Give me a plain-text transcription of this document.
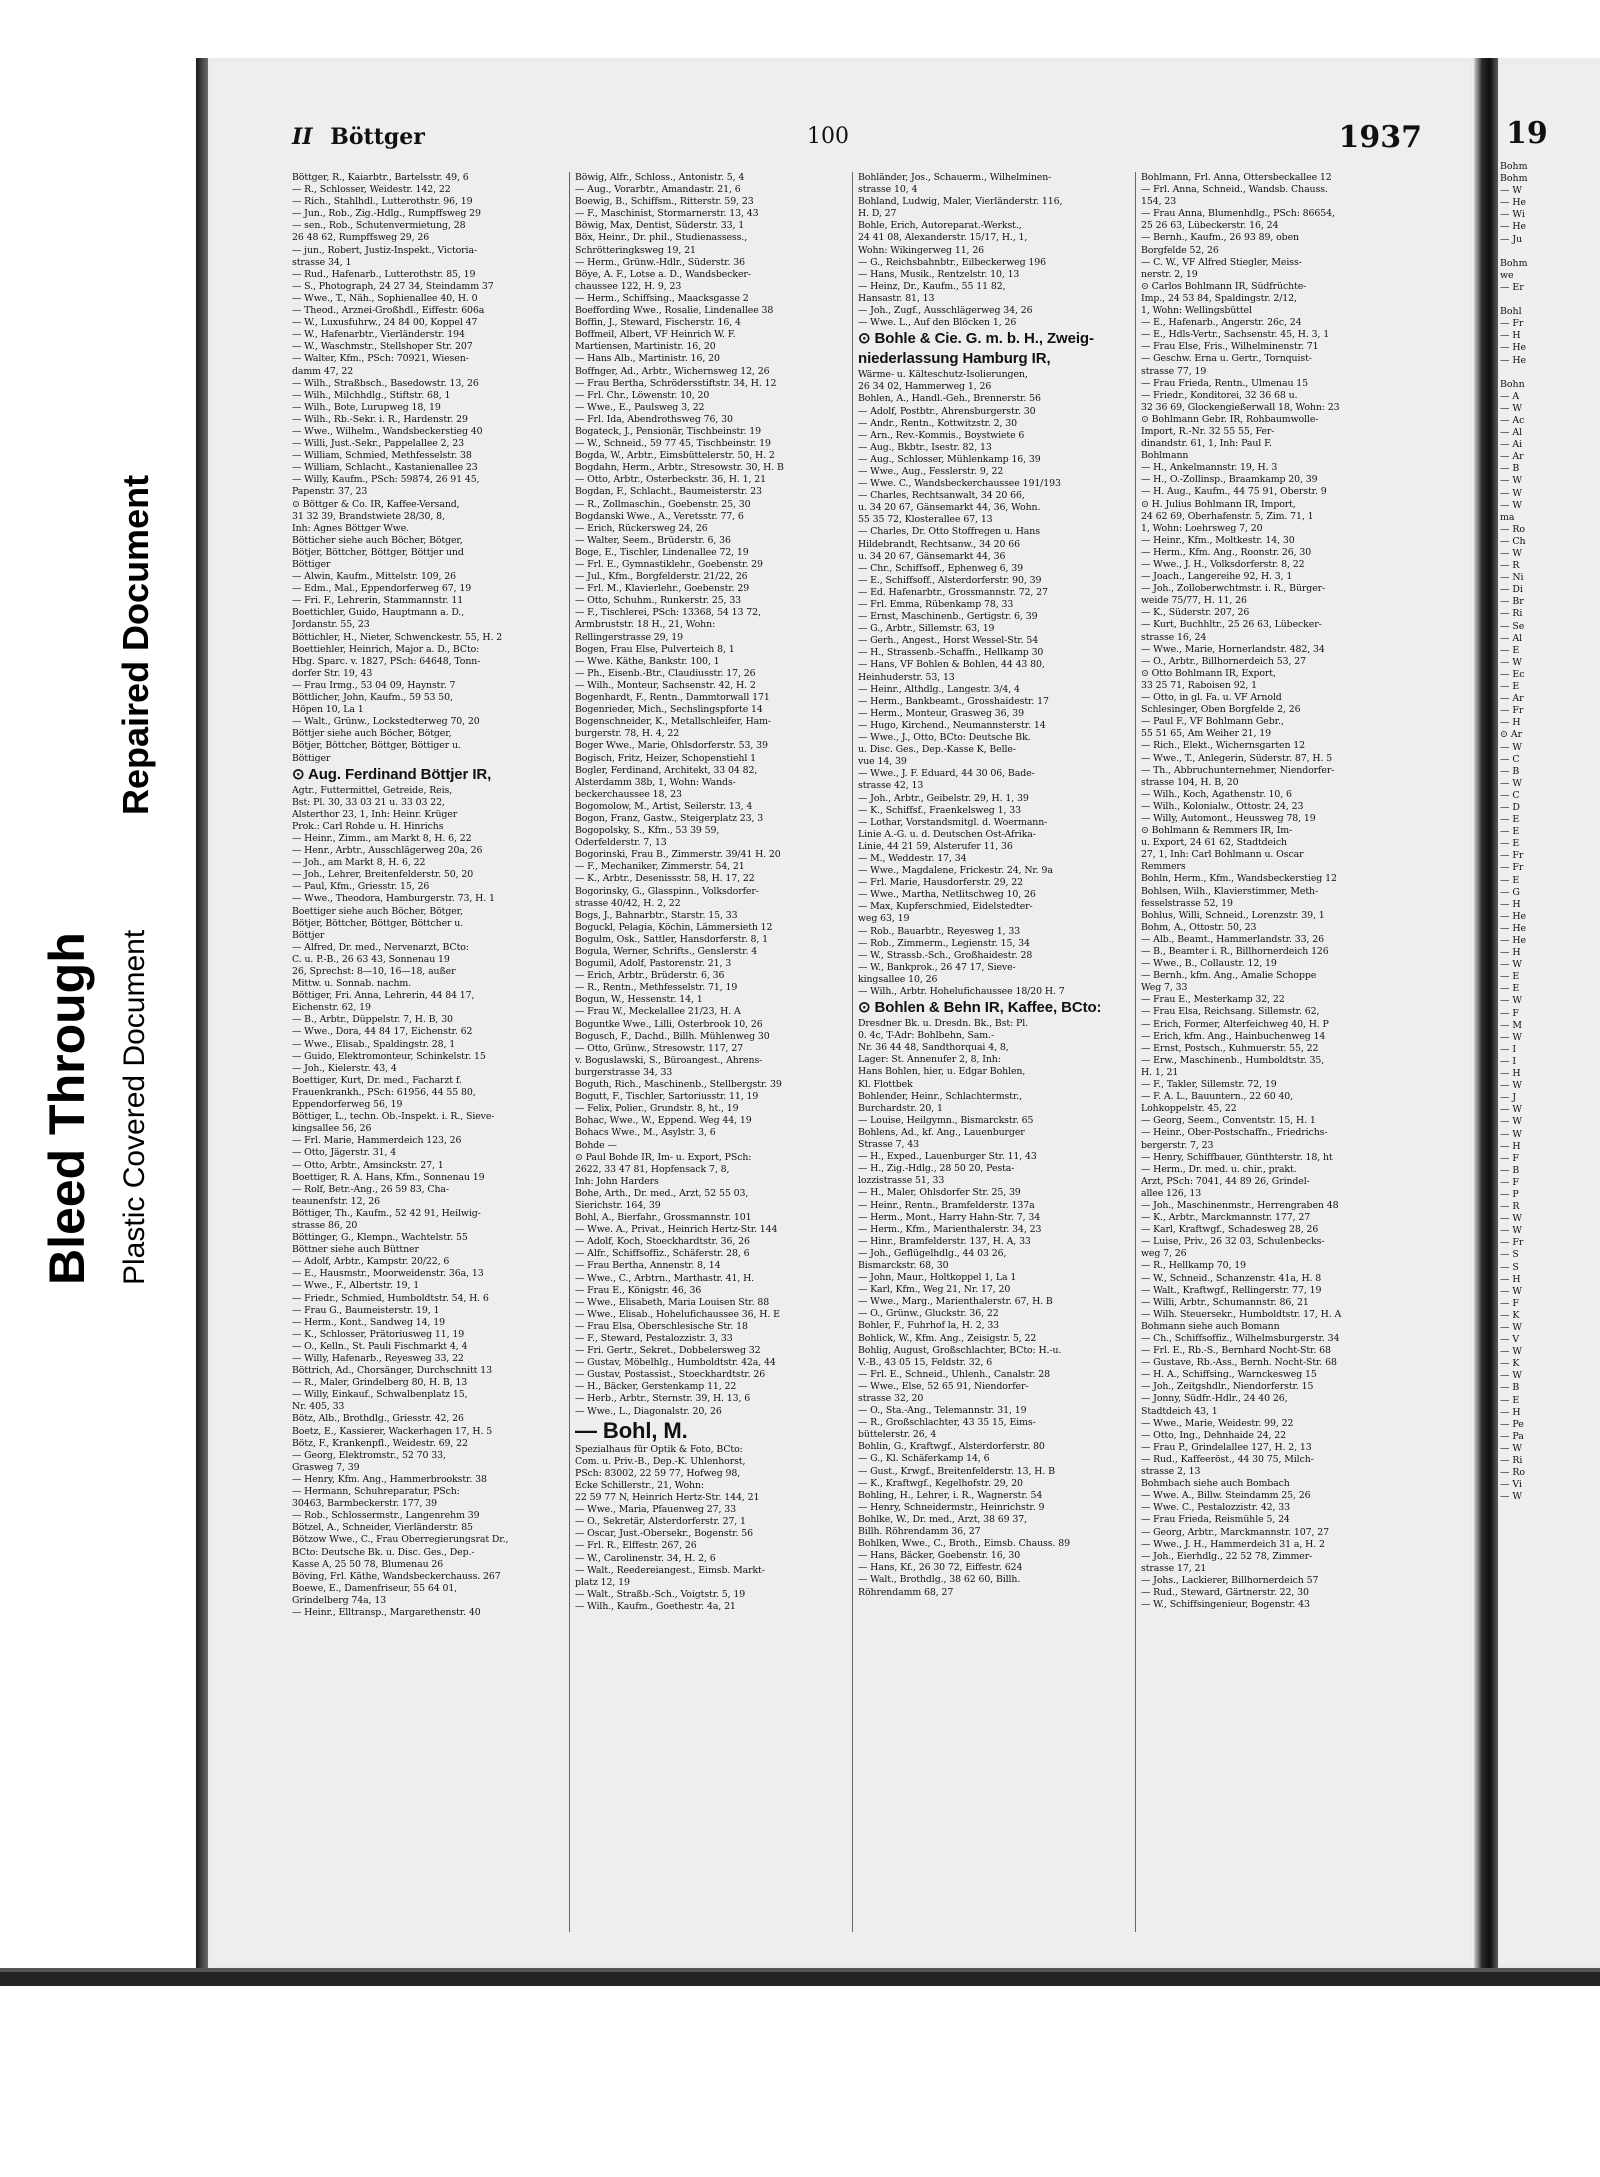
Bleed Through
Repaired Document
Plastic Covered Document
II Böttger	100	1937
Böttger, R., Kaiarbtr., Bartelsstr. 49, 6
— R., Schlosser, Weidestr. 142, 22
— Rich., Stahlhdl., Lutterothstr. 96, 19
— Jun., Rob., Zig.-Hdlg., Rumpffsweg 29
— sen., Rob., Schutenvermietung, 28
26 48 62, Rumpffsweg 29, 26
— jun., Robert, Justiz-Inspekt., Victoria-
strasse 34, 1
— Rud., Hafenarb., Lutterothstr. 85, 19
— S., Photograph, 24 27 34, Steindamm 37
— Wwe., T., Näh., Sophienallee 40, H. 0
— Theod., Arznei-Großhdl., Eiffestr. 606a
— W., Luxusfuhrw., 24 84 00, Koppel 47
— W., Hafenarbtr., Vierländerstr. 194
— W., Waschmstr., Stellshoper Str. 207
— Walter, Kfm., PSch: 70921, Wiesen-
damm 47, 22
— Wilh., Straßbsch., Basedowstr. 13, 26
— Wilh., Milchhdlg., Stiftstr. 68, 1
— Wilh., Bote, Lurupweg 18, 19
— Wilh., Rb.-Sekr. i. R., Hardenstr. 29
— Wwe., Wilhelm., Wandsbeckerstieg 40
— Willi, Just.-Sekr., Pappelallee 2, 23
— William, Schmied, Methfesselstr. 38
— William, Schlacht., Kastanienallee 23
— Willy, Kaufm., PSch: 59874, 26 91 45,
Papenstr. 37, 23
⊙ Böttger & Co. IR, Kaffee-Versand,
31 32 39, Brandstwiete 28/30, 8,
Inh: Agnes Böttger Wwe.
Bötticher siehe auch Böcher, Bötger,
Bötjer, Böttcher, Böttger, Böttjer und
Böttiger
— Alwin, Kaufm., Mittelstr. 109, 26
— Edm., Mal., Eppendorferweg 67, 19
— Fri. F., Lehrerin, Stammannstr. 11
Boettichler, Guido, Hauptmann a. D.,
Jordanstr. 55, 23
Böttichler, H., Nieter, Schwenckestr. 55, H. 2
Boettiehler, Heinrich, Major a. D., BCto:
Hbg. Sparc. v. 1827, PSch: 64648, Tonn-
dorfer Str. 19, 43
— Frau Irmg., 53 04 09, Haynstr. 7
Böttlicher, John, Kaufm., 59 53 50,
Höpen 10, La 1
— Walt., Grünw., Lockstedterweg 70, 20
Böttjer siehe auch Böcher, Bötger,
Bötjer, Böttcher, Böttger, Böttiger u.
Böttiger
⊙ Aug. Ferdinand Böttjer IR,
Agtr., Futtermittel, Getreide, Reis,
Bst: Pl. 30, 33 03 21 u. 33 03 22,
Alsterthor 23, 1, Inh: Heinr. Krüger
Prok.: Carl Rohde u. H. Hinrichs
— Heinr., Zimm., am Markt 8, H. 6, 22
— Henr., Arbtr., Ausschlägerweg 20a, 26
— Joh., am Markt 8, H. 6, 22
— Joh., Lehrer, Breitenfelderstr. 50, 20
— Paul, Kfm., Griesstr. 15, 26
— Wwe., Theodora, Hamburgerstr. 73, H. 1
Boettiger siehe auch Böcher, Bötger,
Bötjer, Böttcher, Böttger, Böttcher u.
Böttjer
— Alfred, Dr. med., Nervenarzt, BCto:
C. u. P.-B., 26 63 43, Sonnenau 19
26, Sprechst: 8—10, 16—18, außer
Mittw. u. Sonnab. nachm.
Böttiger, Fri. Anna, Lehrerin, 44 84 17,
Eichenstr. 62, 19
— B., Arbtr., Düppelstr. 7, H. B, 30
— Wwe., Dora, 44 84 17, Eichenstr. 62
— Wwe., Elisab., Spaldingstr. 28, 1
— Guido, Elektromonteur, Schinkelstr. 15
— Joh., Kielerstr. 43, 4
Boettiger, Kurt, Dr. med., Facharzt f.
Frauenkrankh., PSch: 61956, 44 55 80,
Eppendorferweg 56, 19
Böttiger, L., techn. Ob.-Inspekt. i. R., Sieve-
kingsallee 56, 26
— Frl. Marie, Hammerdeich 123, 26
— Otto, Jägerstr. 31, 4
— Otto, Arbtr., Amsinckstr. 27, 1
Boettiger, R. A. Hans, Kfm., Sonnenau 19
— Rolf, Betr.-Ang., 26 59 83, Cha-
teaunenfstr. 12, 26
Böttiger, Th., Kaufm., 52 42 91, Heilwig-
strasse 86, 20
Böttinger, G., Klempn., Wachtelstr. 55
Böttner siehe auch Büttner
— Adolf, Arbtr., Kampstr. 20/22, 6
— E., Hausmstr., Moorweidenstr. 36a, 13
— Wwe., F., Albertstr. 19, 1
— Friedr., Schmied, Humboldtstr. 54, H. 6
— Frau G., Baumeisterstr. 19, 1
— Herm., Kont., Sandweg 14, 19
— K., Schlosser, Prätoriusweg 11, 19
— O., Kelln., St. Pauli Fischmarkt 4, 4
— Willy, Hafenarb., Reyesweg 33, 22
Böttrich, Ad., Chorsänger, Durchschnitt 13
— R., Maler, Grindelberg 80, H. B, 13
— Willy, Einkauf., Schwalbenplatz 15,
Nr. 405, 33
Bötz, Alb., Brothdlg., Griesstr. 42, 26
Boetz, E., Kassierer, Wackerhagen 17, H. 5
Bötz, F., Krankenpfl., Weidestr. 69, 22
— Georg, Elektromstr., 52 70 33,
Grasweg 7, 39
— Henry, Kfm. Ang., Hammerbrookstr. 38
— Hermann, Schuhreparatur, PSch:
30463, Barmbeckerstr. 177, 39
— Rob., Schlossermstr., Langenrehm 39
Bötzel, A., Schneider, Vierländerstr. 85
Bötzow Wwe., C., Frau Oberregierungsrat Dr.,
BCto: Deutsche Bk. u. Disc. Ges., Dep.-
Kasse A, 25 50 78, Blumenau 26
Böving, Frl. Käthe, Wandsbeckerchauss. 267
Boewe, E., Damenfriseur, 55 64 01,
Grindelberg 74a, 13
— Heinr., Elltransp., Margarethenstr. 40
Böwig, Alfr., Schloss., Antonistr. 5, 4
— Aug., Vorarbtr., Amandastr. 21, 6
Boewig, B., Schiffsm., Ritterstr. 59, 23
— F., Maschinist, Stormarnerstr. 13, 43
Böwig, Max, Dentist, Süderstr. 33, 1
Böx, Heinr., Dr. phil., Studienassess.,
Schrötteringksweg 19, 21
— Herm., Grünw.-Hdlr., Süderstr. 36
Böye, A. F., Lotse a. D., Wandsbecker-
chaussee 122, H. 9, 23
— Herm., Schiffsing., Maacksgasse 2
Boeffording Wwe., Rosalie, Lindenallee 38
Boffin, J., Steward, Fischerstr. 16, 4
Boffmeil, Albert, VF Heinrich W. F.
Martiensen, Martinistr. 16, 20
— Hans Alb., Martinistr. 16, 20
Boffnger, Ad., Arbtr., Wichernsweg 12, 26
— Frau Bertha, Schrödersstiftstr. 34, H. 12
— Frl. Chr., Löwenstr. 10, 20
— Wwe., E., Paulsweg 3, 22
— Frl. Ida, Abendrothsweg 76, 30
Bogateck, J., Pensionär, Tischbeinstr. 19
— W., Schneid., 59 77 45, Tischbeinstr. 19
Bogda, W., Arbtr., Eimsbüttelerstr. 50, H. 2
Bogdahn, Herm., Arbtr., Stresowstr. 30, H. B
— Otto, Arbtr., Osterbeckstr. 36, H. 1, 21
Bogdan, F., Schlacht., Baumeisterstr. 23
— R., Zollmaschin., Goebenstr. 25, 30
Bogdanski Wwe., A., Veretsstr. 77, 6
— Erich, Rückersweg 24, 26
— Walter, Seem., Brüderstr. 6, 36
Boge, E., Tischler, Lindenallee 72, 19
— Frl. E., Gymnastiklehr., Goebenstr. 29
— Jul., Kfm., Borgfelderstr. 21/22, 26
— Frl. M., Klavierlehr., Goebenstr. 29
— Otto, Schuhm., Runkerstr. 25, 33
— F., Tischlerei, PSch: 13368, 54 13 72,
Armbruststr. 18 H., 21, Wohn:
Rellingerstrasse 29, 19
Bogen, Frau Else, Pulverteich 8, 1
— Wwe. Käthe, Bankstr. 100, 1
— Ph., Eisenb.-Btr., Claudiusstr. 17, 26
— Wilh., Monteur, Sachsenstr. 42, H. 2
Bogenhardt, F., Rentn., Dammtorwall 171
Bogenrieder, Mich., Sechslingspforte 14
Bogenschneider, K., Metallschleifer, Ham-
burgerstr. 78, H. 4, 22
Boger Wwe., Marie, Ohlsdorferstr. 53, 39
Bogisch, Fritz, Heizer, Schopenstiehl 1
Bogler, Ferdinand, Architekt, 33 04 82,
Alsterdamm 38b, 1, Wohn: Wands-
beckerchaussee 18, 23
Bogomolow, M., Artist, Seilerstr. 13, 4
Bogon, Franz, Gastw., Steigerplatz 23, 3
Bogopolsky, S., Kfm., 53 39 59,
Oderfelderstr. 7, 13
Bogorinski, Frau B., Zimmerstr. 39/41 H. 20
— F., Mechaniker, Zimmerstr. 54, 21
— K., Arbtr., Desenissstr. 58, H. 17, 22
Bogorinsky, G., Glasspinn., Volksdorfer-
strasse 40/42, H. 2, 22
Bogs, J., Bahnarbtr., Starstr. 15, 33
Boguckl, Pelagia, Köchin, Lämmersieth 12
Bogulm, Osk., Sattler, Hansdorferstr. 8, 1
Bogula, Werner, Schrifts., Genslerstr. 4
Bogumil, Adolf, Pastorenstr. 21, 3
— Erich, Arbtr., Brüderstr. 6, 36
— R., Rentn., Methfesselstr. 71, 19
Bogun, W., Hessenstr. 14, 1
— Frau W., Meckelallee 21/23, H. A
Boguntke Wwe., Lilli, Osterbrook 10, 26
Bogusch, F., Dachd., Billh. Mühlenweg 30
— Otto, Grünw., Stresowstr. 117, 27
v. Boguslawski, S., Büroangest., Ahrens-
burgerstrasse 34, 33
Boguth, Rich., Maschinenb., Stellbergstr. 39
Bogutt, F., Tischler, Sartoriusstr. 11, 19
— Felix, Polier., Grundstr. 8, ht., 19
Bohac, Wwe., W., Eppend. Weg 44, 19
Bohacs Wwe., M., Asylstr. 3, 6
Bohde —
⊙ Paul Bohde IR, Im- u. Export, PSch:
2622, 33 47 81, Hopfensack 7, 8,
Inh: John Harders
Bohe, Arth., Dr. med., Arzt, 52 55 03,
Sierichstr. 164, 39
Bohl, A., Bierfahr., Grossmannstr. 101
— Wwe. A., Privat., Heinrich Hertz-Str. 144
— Adolf, Koch, Stoeckhardtstr. 36, 26
— Alfr., Schiffsoffiz., Schäferstr. 28, 6
— Frau Bertha, Annenstr. 8, 14
— Wwe., C., Arbtrn., Marthastr. 41, H.
— Frau E., Königstr. 46, 36
— Wwe., Elisabeth, Maria Louisen Str. 88
— Wwe., Elisab., Hohelufichaussee 36, H. E
— Frau Elsa, Oberschlesische Str. 18
— F., Steward, Pestalozzistr. 3, 33
— Fri. Gertr., Sekret., Dobbelersweg 32
— Gustav, Möbelhlg., Humboldtstr. 42a, 44
— Gustav, Postassist., Stoeckhardtstr. 26
— H., Bäcker, Gerstenkamp 11, 22
— Herb., Arbtr., Sternstr. 39, H. 13, 6
— Wwe., L., Diagonalstr. 20, 26
— Bohl, M.
Spezialhaus für Optik & Foto, BCto:
Com. u. Priv.-B., Dep.-K. Uhlenhorst,
PSch: 83002, 22 59 77, Hofweg 98,
Ecke Schillerstr., 21, Wohn:
22 59 77 N, Heinrich Hertz-Str. 144, 21
— Wwe., Maria, Pfauenweg 27, 33
— O., Sekretär, Alsterdorferstr. 27, 1
— Oscar, Just.-Obersekr., Bogenstr. 56
— Frl. R., Elffestr. 267, 26
— W., Carolinenstr. 34, H. 2, 6
— Walt., Reedereiangest., Eimsb. Markt-
platz 12, 19
— Walt., Straßb.-Sch., Voigtstr. 5, 19
— Wilh., Kaufm., Goethestr. 4a, 21
Bohländer, Jos., Schauerm., Wilhelminen-
strasse 10, 4
Bohland, Ludwig, Maler, Vierländerstr. 116,
H. D, 27
Bohle, Erich, Autoreparat.-Werkst.,
24 41 08, Alexanderstr. 15/17, H., 1,
Wohn: Wikingerweg 11, 26
— G., Reichsbahnbtr., Eilbeckerweg 196
— Hans, Musik., Rentzelstr. 10, 13
— Heinz, Dr., Kaufm., 55 11 82,
Hansastr. 81, 13
— Joh., Zugf., Ausschlägerweg 34, 26
— Wwe. L., Auf den Blöcken 1, 26
⊙ Bohle & Cie. G. m. b. H., Zweig-
niederlassung Hamburg IR,
Wärme- u. Kälteschutz-Isolierungen,
26 34 02, Hammerweg 1, 26
Bohlen, A., Handl.-Geh., Brennerstr. 56
— Adolf, Postbtr., Ahrensburgerstr. 30
— Andr., Rentn., Kottwitzstr. 2, 30
— Arn., Rev.-Kommis., Boystwiete 6
— Aug., Bkbtr., Isestr. 82, 13
— Aug., Schlosser, Mühlenkamp 16, 39
— Wwe., Aug., Fesslerstr. 9, 22
— Wwe. C., Wandsbeckerchaussee 191/193
— Charles, Rechtsanwalt, 34 20 66,
u. 34 20 67, Gänsemarkt 44, 36, Wohn.
55 35 72, Klosterallee 67, 13
— Charles, Dr. Otto Stoffregen u. Hans
Hildebrandt, Rechtsanw., 34 20 66
u. 34 20 67, Gänsemarkt 44, 36
— Chr., Schiffsoff., Ephenweg 6, 39
— E., Schiffsoff., Alsterdorferstr. 90, 39
— Ed. Hafenarbtr., Grossmannstr. 72, 27
— Frl. Emma, Rübenkamp 78, 33
— Ernst, Maschinenb., Gertigstr. 6, 39
— G., Arbtr., Sillemstr. 63, 19
— Gerh., Angest., Horst Wessel-Str. 54
— H., Strassenb.-Schaffn., Hellkamp 30
— Hans, VF Bohlen & Bohlen, 44 43 80,
Heinhuderstr. 53, 13
— Heinr., Althdlg., Langestr. 3/4, 4
— Herm., Bankbeamt., Grosshaidestr. 17
— Herm., Monteur, Grasweg 36, 39
— Hugo, Kirchend., Neumannsterstr. 14
— Wwe., J., Otto, BCto: Deutsche Bk.
u. Disc. Ges., Dep.-Kasse K, Belle-
vue 14, 39
— Wwe., J. F. Eduard, 44 30 06, Bade-
strasse 42, 13
— Joh., Arbtr., Geibelstr. 29, H. 1, 39
— K., Schiffsf., Fraenkelsweg 1, 33
— Lothar, Vorstandsmitgl. d. Woermann-
Linie A.-G. u. d. Deutschen Ost-Afrika-
Linie, 44 21 59, Alsterufer 11, 36
— M., Weddestr. 17, 34
— Wwe., Magdalene, Frickestr. 24, Nr. 9a
— Frl. Marie, Hausdorferstr. 29, 22
— Wwe., Martha, Netlitschweg 10, 26
— Max, Kupferschmied, Eidelstedter-
weg 63, 19
— Rob., Bauarbtr., Reyesweg 1, 33
— Rob., Zimmerm., Legienstr. 15, 34
— W., Strassb.-Sch., Großhaidestr. 28
— W., Bankprok., 26 47 17, Sieve-
kingsallee 10, 26
— Wilh., Arbtr. Hohelufichaussee 18/20 H. 7
⊙ Bohlen & Behn IR, Kaffee, BCto:
Dresdner Bk. u. Dresdn. Bk., Bst: Pl.
0. 4c, T-Adr: Bohlbehn, Sam.-
Nr. 36 44 48, Sandthorquai 4, 8,
Lager: St. Annenufer 2, 8, Inh:
Hans Bohlen, hier, u. Edgar Bohlen,
Kl. Flottbek
Bohlender, Heinr., Schlachtermstr.,
Burchardstr. 20, 1
— Louise, Heilgymn., Bismarckstr. 65
Bohlens, Ad., kf. Ang., Lauenburger
Strasse 7, 43
— H., Exped., Lauenburger Str. 11, 43
— H., Zig.-Hdlg., 28 50 20, Pesta-
lozzistrasse 51, 33
— H., Maler, Ohlsdorfer Str. 25, 39
— Heinr., Rentn., Bramfelderstr. 137a
— Herm., Mont., Harry Hahn-Str. 7, 34
— Herm., Kfm., Marienthalerstr. 34, 23
— Hinr., Bramfelderstr. 137, H. A, 33
— Joh., Geflügelhdlg., 44 03 26,
Bismarckstr. 68, 30
— John, Maur., Holtkoppel 1, La 1
— Karl, Kfm., Weg 21, Nr. 17, 20
— Wwe., Marg., Marienthalerstr. 67, H. B
— O., Grünw., Gluckstr. 36, 22
Bohler, F., Fuhrhof la, H. 2, 33
Bohlick, W., Kfm. Ang., Zeisigstr. 5, 22
Bohlig, August, Großschlachter, BCto: H.-u.
V.-B., 43 05 15, Feldstr. 32, 6
— Frl. E., Schneid., Uhlenh., Canalstr. 28
— Wwe., Else, 52 65 91, Niendorfer-
strasse 32, 20
— O., Sta.-Ang., Telemannstr. 31, 19
— R., Großschlachter, 43 35 15, Eims-
büttelerstr. 26, 4
Bohlin, G., Kraftwgf., Alsterdorferstr. 80
— G., Kl. Schäferkamp 14, 6
— Gust., Krwgf., Breitenfelderstr. 13, H. B
— K., Kraftwgf., Kegelhofstr. 29, 20
Bohling, H., Lehrer, i. R., Wagnerstr. 54
— Henry, Schneidermstr., Heinrichstr. 9
Bohlke, W., Dr. med., Arzt, 38 69 37,
Billh. Röhrendamm 36, 27
Bohlken, Wwe., C., Broth., Eimsb. Chauss. 89
— Hans, Bäcker, Goebenstr. 16, 30
— Hans, Kf., 26 30 72, Eiffestr. 624
— Walt., Brothdlg., 38 62 60, Billh.
Röhrendamm 68, 27
Bohlmann, Frl. Anna, Ottersbeckallee 12
— Frl. Anna, Schneid., Wandsb. Chauss.
154, 23
— Frau Anna, Blumenhdlg., PSch: 86654,
25 26 63, Lübeckerstr. 16, 24
— Bernh., Kaufm., 26 93 89, oben
Borgfelde 52, 26
— C. W., VF Alfred Stiegler, Meiss-
nerstr. 2, 19
⊙ Carlos Bohlmann IR, Südfrüchte-
Imp., 24 53 84, Spaldingstr. 2/12,
1, Wohn: Wellingsbüttel
— E., Hafenarb., Angerstr. 26c, 24
— E., Hdls-Vertr., Sachsenstr. 45, H. 3, 1
— Frau Else, Fris., Wilhelminenstr. 71
— Geschw. Erna u. Gertr., Tornquist-
strasse 77, 19
— Frau Frieda, Rentn., Ulmenau 15
— Friedr., Konditorei, 32 36 68 u.
32 36 69, Glockengießerwall 18, Wohn: 23
⊙ Bohlmann Gebr. IR, Rohbaumwolle-
Import, R.-Nr. 32 55 55, Fer-
dinandstr. 61, 1, Inh: Paul F.
Bohlmann
— H., Ankelmannstr. 19, H. 3
— H., O.-Zollinsp., Braamkamp 20, 39
— H. Aug., Kaufm., 44 75 91, Oberstr. 9
⊙ H. Julius Bohlmann IR, Import,
24 62 69, Oberhafenstr. 5, Zim. 71, 1
1, Wohn: Loehrsweg 7, 20
— Heinr., Kfm., Moltkestr. 14, 30
— Herm., Kfm. Ang., Roonstr. 26, 30
— Wwe., J. H., Volksdorferstr. 8, 22
— Joach., Langereihe 92, H. 3, 1
— Joh., Zolloberwchtmstr. i. R., Bürger-
weide 75/77, H. 11, 26
— K., Süderstr. 207, 26
— Kurt, Buchhltr., 25 26 63, Lübecker-
strasse 16, 24
— Wwe., Marie, Hornerlandstr. 482, 34
— O., Arbtr., Billhornerdeich 53, 27
⊙ Otto Bohlmann IR, Export,
33 25 71, Raboisen 92, 1
— Otto, in gl. Fa. u. VF Arnold
Schlesinger, Oben Borgfelde 2, 26
— Paul F., VF Bohlmann Gebr.,
55 51 65, Am Weiher 21, 19
— Rich., Elekt., Wichernsgarten 12
— Wwe., T., Anlegerin, Süderstr. 87, H. 5
— Th., Abbruchunternehmer, Niendorfer-
strasse 104, H. B, 20
— Wilh., Koch, Agathenstr. 10, 6
— Wilh., Kolonialw., Ottostr. 24, 23
— Willy, Automont., Heussweg 78, 19
⊙ Bohlmann & Remmers IR, Im-
u. Export, 24 61 62, Stadtdeich
27, 1, Inh: Carl Bohlmann u. Oscar
Remmers
Bohln, Herm., Kfm., Wandsbeckerstieg 12
Bohlsen, Wilh., Klavierstimmer, Meth-
fesselstrasse 52, 19
Bohlus, Willi, Schneid., Lorenzstr. 39, 1
Bohm, A., Ottostr. 50, 23
— Alb., Beamt., Hammerlandstr. 33, 26
— B., Beamter i. R., Billhornerdeich 126
— Wwe., B., Collaustr. 12, 19
— Bernh., kfm. Ang., Amalie Schoppe
Weg 7, 33
— Frau E., Mesterkamp 32, 22
— Frau Elsa, Reichsang. Sillemstr. 62,
— Erich, Former, Alterfeichweg 40, H. P
— Erich, kfm. Ang., Hainbuchenweg 14
— Ernst, Postsch., Kuhmuerstr. 55, 22
— Erw., Maschinenb., Humboldtstr. 35,
H. 1, 21
— F., Takler, Sillemstr. 72, 19
— F. A. L., Bauuntern., 22 60 40,
Lohkoppelstr. 45, 22
— Georg, Seem., Conventstr. 15, H. 1
— Heinr., Ober-Postschaffn., Friedrichs-
bergerstr. 7, 23
— Henry, Schiffbauer, Günthterstr. 18, ht
— Herm., Dr. med. u. chir., prakt.
Arzt, PSch: 7041, 44 89 26, Grindel-
allee 126, 13
— Joh., Maschinenmstr., Herrengraben 48
— K., Arbtr., Marckmannstr. 177, 27
— Karl, Kraftwgf., Schadesweg 28, 26
— Luise, Priv., 26 32 03, Schulenbecks-
weg 7, 26
— R., Hellkamp 70, 19
— W., Schneid., Schanzenstr. 41a, H. 8
— Walt., Kraftwgf., Rellingerstr. 77, 19
— Willi, Arbtr., Schumannstr. 86, 21
— Wilh. Steuersekr., Humboldtstr. 17, H. A
Bohmann siehe auch Bomann
— Ch., Schiffsoffiz., Wilhelmsburgerstr. 34
— Frl. E., Rb.-S., Bernhard Nocht-Str. 68
— Gustave, Rb.-Ass., Bernh. Nocht-Str. 68
— H. A., Schiffsing., Warnckesweg 15
— Joh., Zeitgshdlr., Niendorferstr. 15
— Jonny, Südfr.-Hdlr., 24 40 26,
Stadtdeich 43, 1
— Wwe., Marie, Weidestr. 99, 22
— Otto, Ing., Dehnhaide 24, 22
— Frau P., Grindelallee 127, H. 2, 13
— Rud., Kaffeeröst., 44 30 75, Milch-
strasse 2, 13
Bohmbach siehe auch Bombach
— Wwe. A., Billw. Steindamm 25, 26
— Wwe. C., Pestalozzistr. 42, 33
— Frau Frieda, Reismühle 5, 24
— Georg, Arbtr., Marckmannstr. 107, 27
— Wwe., J. H., Hammerdeich 31 a, H. 2
— Joh., Eierhdlg., 22 52 78, Zimmer-
strasse 17, 21
— Johs., Lackierer, Billhornerdeich 57
— Rud., Steward, Gärtnerstr. 22, 30
— W., Schiffsingenieur, Bogenstr. 43
19
Bohm
Bohm
— W
— He
— Wi
— He
— Ju

Bohm
we
— Er

Bohl
— Fr
— H
— He
— He

Bohn
— A
— W
— Ac
— Al
— Ai
— Ar
— B
— W
— W
— W
ma
— Ro
— Ch
— W
— R
— Ni
— Di
— Br
— Ri
— Se
— Al
— E
— W
— Ec
— E
— Ar
— Fr
— H
⊙ Ar
— W
— C
— B
— W
— C
— D
— E
— E
— E
— Fr
— Fr
— E
— G
— H
— He
— He
— He
— H
— W
— E
— E
— W
— F
— M
— W
— I
— I
— H
— W
— J
— W
— W
— W
— H
— F
— B
— F
— P
— R
— W
— W
— Fr
— S
— S
— H
— W
— F
— K
— W
— V
— W
— K
— W
— B
— E
— H
— Pe
— Pa
— W
— Ri
— Ro
— Vi
— W
